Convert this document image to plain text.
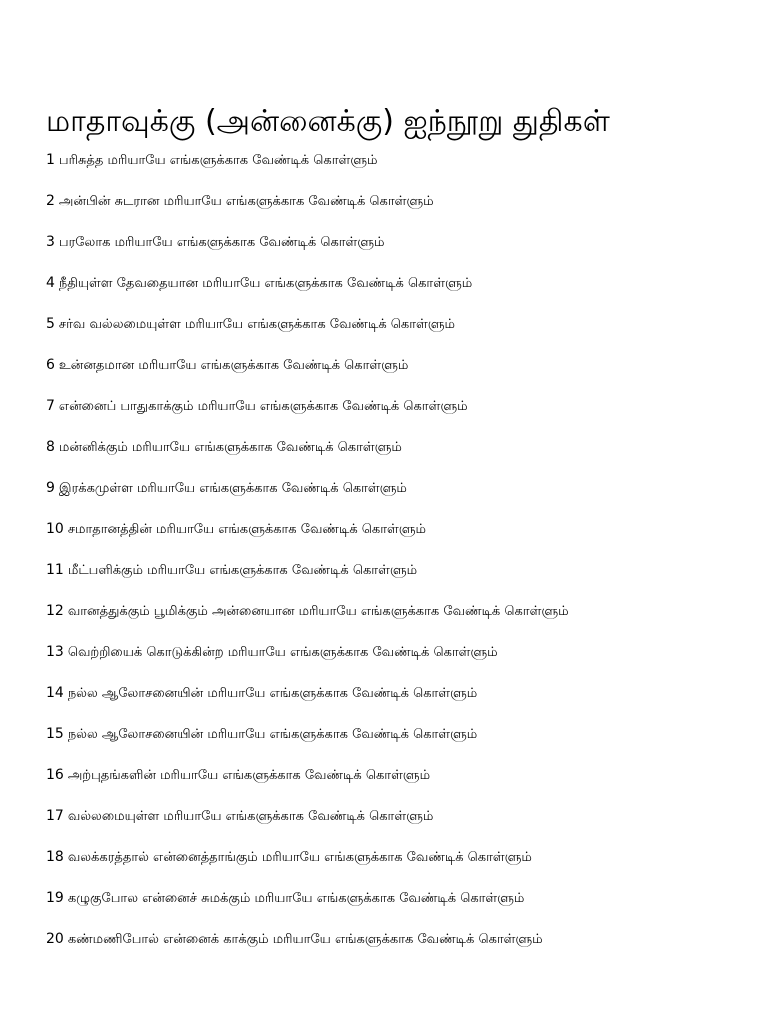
மாதாவுக்கு (அன்னைக்கு) ஐந்நூறு துதிகள்
1 பரிசுத்த மரியாயே எங்களுக்காக வேண்டிக் கொள்ளும்
2 அன்பின் சுடரான மரியாயே எங்களுக்காக வேண்டிக் கொள்ளும்
3 பரலோக மரியாயே எங்களுக்காக வேண்டிக் கொள்ளும்
4 நீதியுள்ள தேவதையான மரியாயே எங்களுக்காக வேண்டிக் கொள்ளும்
5 சர்வ வல்லமையுள்ள மரியாயே எங்களுக்காக வேண்டிக் கொள்ளும்
6 உன்னதமான மரியாயே எங்களுக்காக வேண்டிக் கொள்ளும்
7 என்னைப் பாதுகாக்கும் மரியாயே எங்களுக்காக வேண்டிக் கொள்ளும்
8 மன்னிக்கும் மரியாயே எங்களுக்காக வேண்டிக் கொள்ளும்
9 இரக்கமுள்ள மரியாயே எங்களுக்காக வேண்டிக் கொள்ளும்
10 சமாதானத்தின் மரியாயே எங்களுக்காக வேண்டிக் கொள்ளும்
11 மீட்பளிக்கும் மரியாயே எங்களுக்காக வேண்டிக் கொள்ளும்
12 வானத்துக்கும் பூமிக்கும் அன்னையான மரியாயே எங்களுக்காக வேண்டிக் கொள்ளும்
13 வெற்றியைக் கொடுக்கின்ற மரியாயே எங்களுக்காக வேண்டிக் கொள்ளும்
14 நல்ல ஆலோசனையின் மரியாயே எங்களுக்காக வேண்டிக் கொள்ளும்
15 நல்ல ஆலோசனையின் மரியாயே எங்களுக்காக வேண்டிக் கொள்ளும்
16 அற்புதங்களின் மரியாயே எங்களுக்காக வேண்டிக் கொள்ளும்
17 வல்லமையுள்ள மரியாயே எங்களுக்காக வேண்டிக் கொள்ளும்
18 வலக்கரத்தால் என்னைத்தாங்கும் மரியாயே எங்களுக்காக வேண்டிக் கொள்ளும்
19 கழுகுபோல என்னைச் சுமக்கும் மரியாயே எங்களுக்காக வேண்டிக் கொள்ளும்
20 கண்மணிபோல் என்னைக் காக்கும் மரியாயே எங்களுக்காக வேண்டிக் கொள்ளும்
